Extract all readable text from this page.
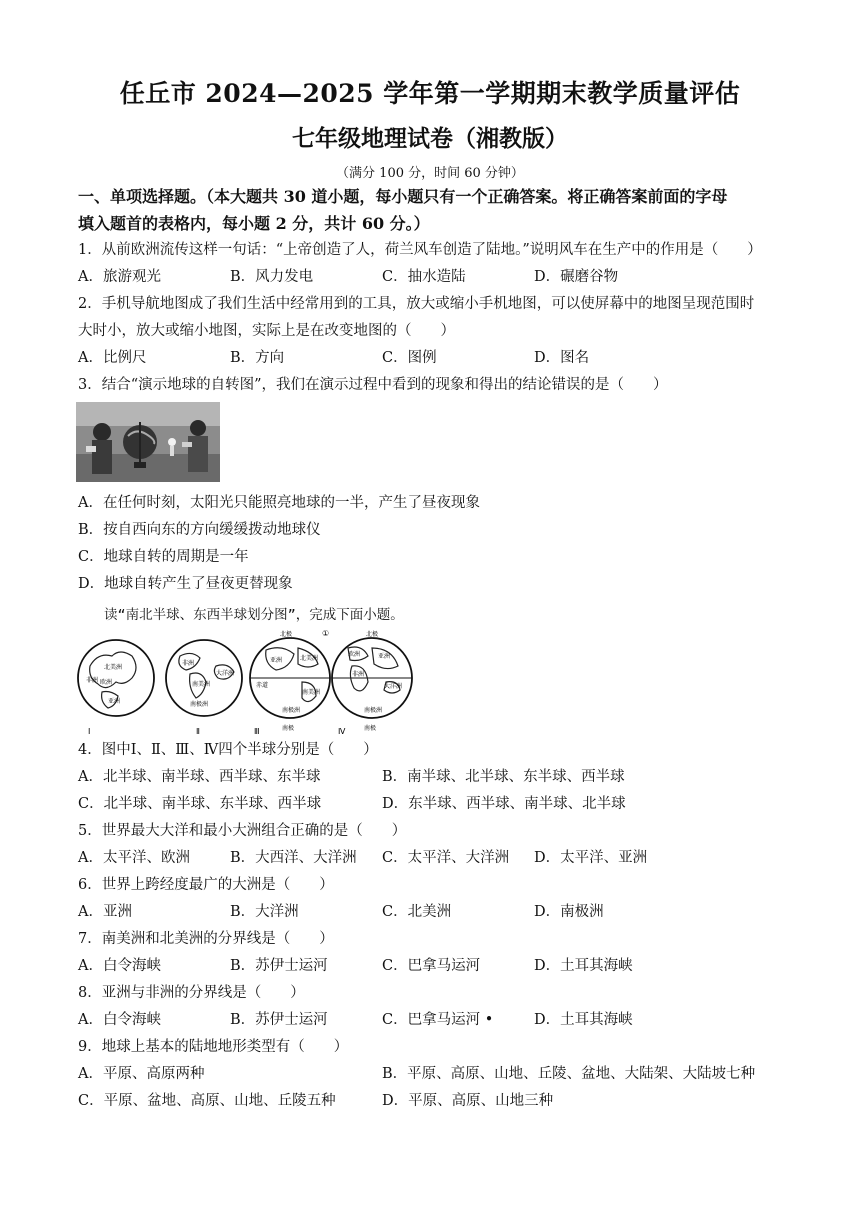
任丘市 2024—2025 学年第一学期期末教学质量评估
七年级地理试卷（湘教版）
（满分 100 分，时间 60 分钟）
一、单项选择题。（本大题共 30 道小题，每小题只有一个正确答案。将正确答案前面的字母
填入题首的表格内，每小题 2 分，共计 60 分。）
1．从前欧洲流传这样一句话：“上帝创造了人，荷兰风车创造了陆地。”说明风车在生产中的作用是（　　）
A．旅游观光	B．风力发电	C．抽水造陆	D．碾磨谷物
2．手机导航地图成了我们生活中经常用到的工具，放大或缩小手机地图，可以使屏幕中的地图呈现范围时
大时小，放大或缩小地图，实际上是在改变地图的（　　）
A．比例尺	B．方向	C．图例	D．图名
3．结合“演示地球的自转图”，我们在演示过程中看到的现象和得出的结论错误的是（　　）
A．在任何时刻，太阳光只能照亮地球的一半，产生了昼夜现象
B．按自西向东的方向缓缓拨动地球仪
C．地球自转的周期是一年
D．地球自转产生了昼夜更替现象
读“南北半球、东西半球划分图”，完成下面小题。
北美洲
非洲 欧洲
亚洲
Ⅰ
非洲
南美洲
大洋洲
南极洲
Ⅱ
北极
亚洲	北美洲
赤道
南美洲
南极洲
南极
Ⅲ
①	北极
欧洲	亚洲
非洲
大洋洲
南极洲
南极
Ⅳ
4．图中Ⅰ、Ⅱ、Ⅲ、Ⅳ四个半球分别是（　　）
A．北半球、南半球、西半球、东半球	B．南半球、北半球、东半球、西半球
C．北半球、南半球、东半球、西半球	D．东半球、西半球、南半球、北半球
5．世界最大大洋和最小大洲组合正确的是（　　）
A．太平洋、欧洲	B．大西洋、大洋洲 C．太平洋、大洋洲 D．太平洋、亚洲
6．世界上跨经度最广的大洲是（　　）
A．亚洲	B．大洋洲	C．北美洲	D．南极洲
7．南美洲和北美洲的分界线是（　　）
A．白令海峡	B．苏伊士运河	C．巴拿马运河	D．土耳其海峡
8．亚洲与非洲的分界线是（　　）
A．白令海峡	B．苏伊士运河	C．巴拿马运河 •	D．土耳其海峡
9．地球上基本的陆地地形类型有（　　）
A．平原、高原两种	B．平原、高原、山地、丘陵、盆地、大陆架、大陆坡七种
C．平原、盆地、高原、山地、丘陵五种	D．平原、高原、山地三种
